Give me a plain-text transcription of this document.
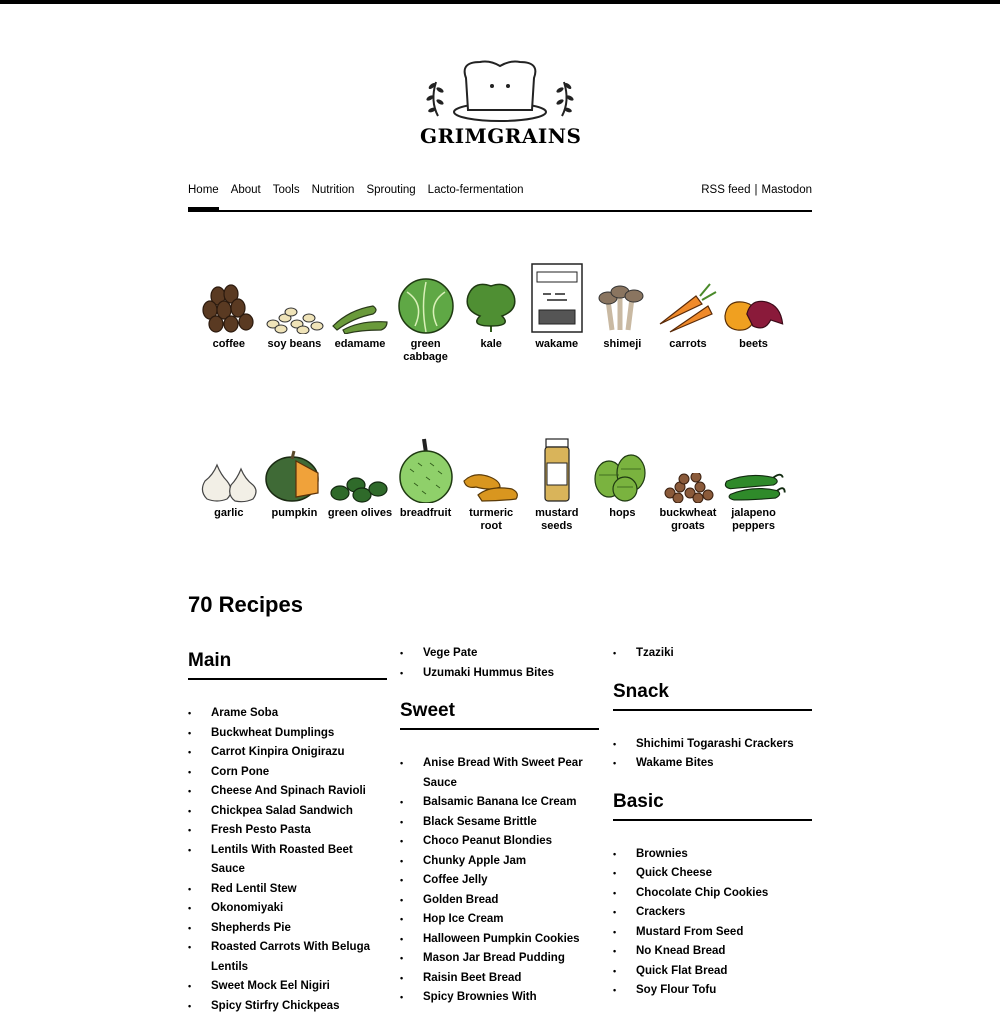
GRIMGRAINS
Home About Tools Nutrition Sprouting Lacto-fermentation	RSS feed | Mastodon
coffee	soy beans	edamame	green cabbage
kale	wakame	shimeji	carrots	beets
garlic	pumpkin green olives breadfruit	turmeric root
mustard seeds
hops	buckwheat groats
jalapeno peppers
70 Recipes
Main
• Arame Soba
• Buckwheat Dumplings
• Carrot Kinpira Onigirazu
• Corn Pone
• Cheese And Spinach Ravioli
• Chickpea Salad Sandwich
• Fresh Pesto Pasta
• Lentils With Roasted Beet Sauce
• Red Lentil Stew
• Okonomiyaki
• Shepherds Pie
• Roasted Carrots With Beluga Lentils
• Sweet Mock Eel Nigiri
• Spicy Stirfry Chickpeas
• Vege Pate
• Uzumaki Hummus Bites
Sweet
• Anise Bread With Sweet Pear Sauce
• Balsamic Banana Ice Cream
• Black Sesame Brittle
• Choco Peanut Blondies
• Chunky Apple Jam
• Coffee Jelly
• Golden Bread
• Hop Ice Cream
• Halloween Pumpkin Cookies
• Mason Jar Bread Pudding
• Raisin Beet Bread
• Spicy Brownies With
• Tzaziki
Snack
• Shichimi Togarashi Crackers
• Wakame Bites
Basic
• Brownies
• Quick Cheese
• Chocolate Chip Cookies
• Crackers
• Mustard From Seed
• No Knead Bread
• Quick Flat Bread
• Soy Flour Tofu
